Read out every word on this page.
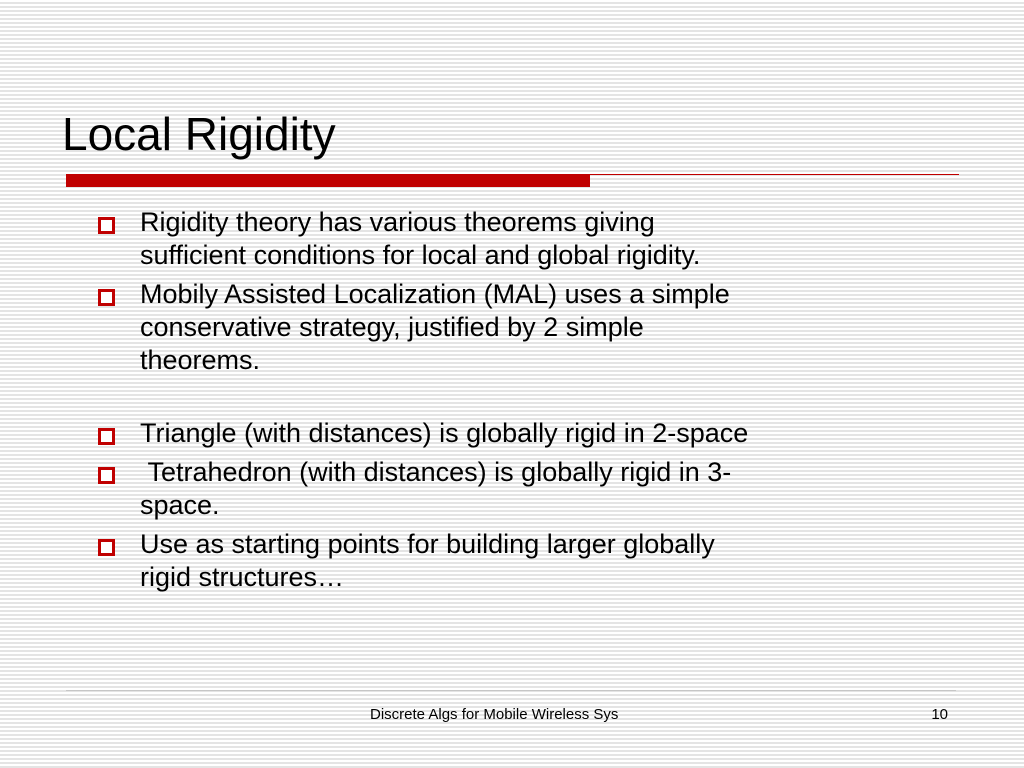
Local Rigidity
Rigidity theory has various theorems giving
sufficient conditions for local and global rigidity.
Mobily Assisted Localization (MAL) uses a simple
conservative strategy, justified by 2 simple
theorems.
Triangle (with distances) is globally rigid in 2-space
Tetrahedron (with distances) is globally rigid in 3-
space.
Use as starting points for building larger globally
rigid structures…
Discrete Algs for Mobile Wireless Sys	10
